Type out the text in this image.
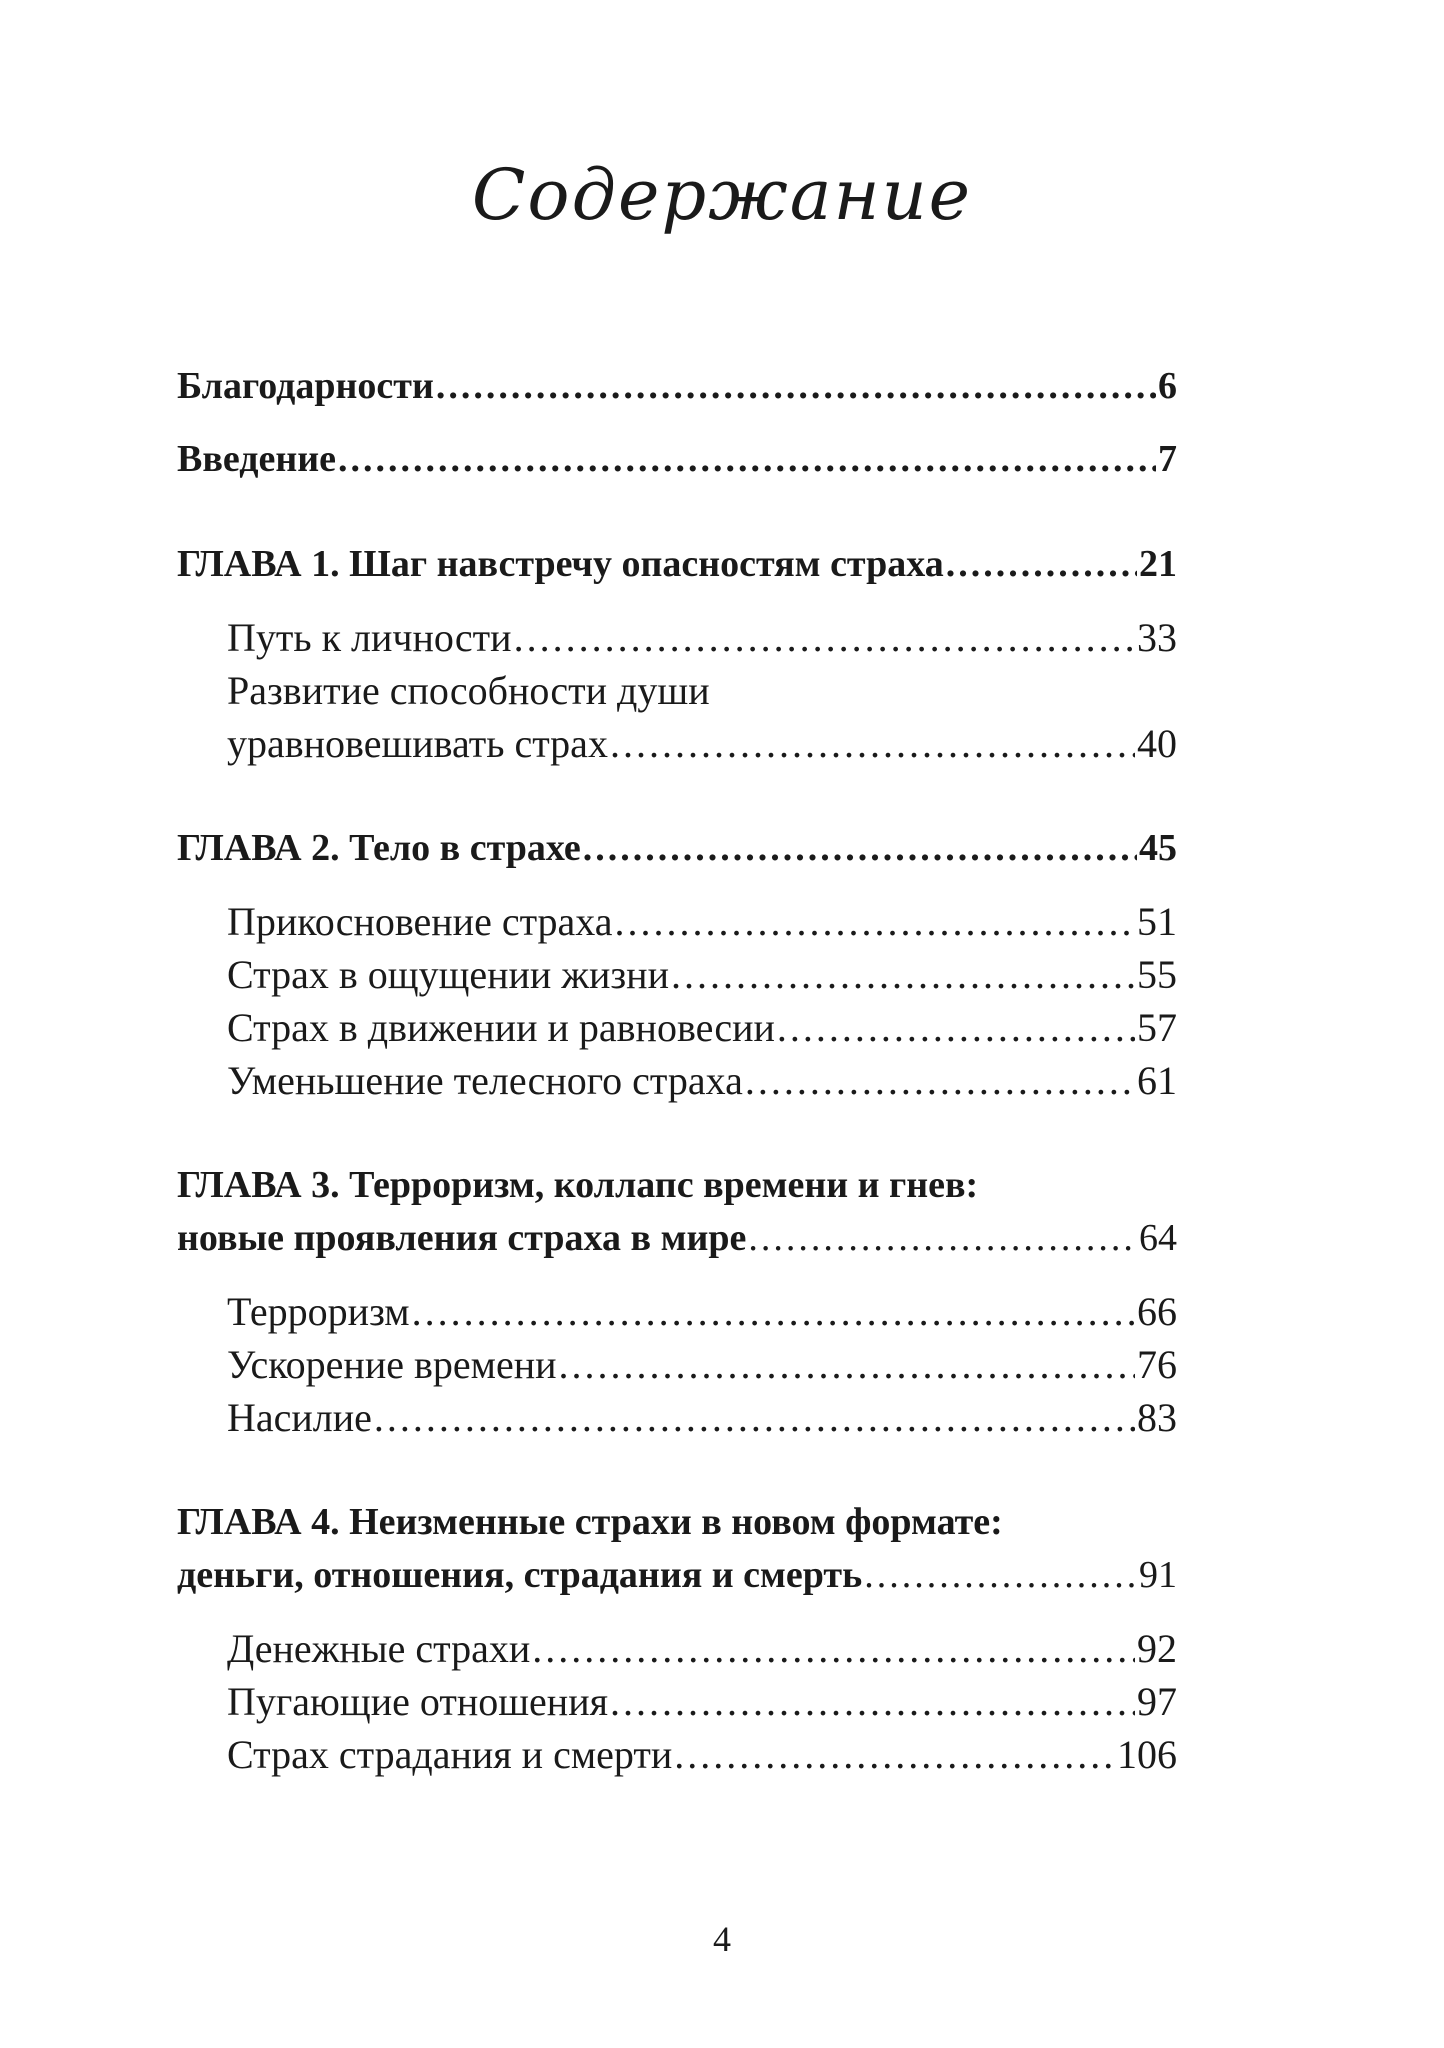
Содержание
Благодарности .....	6
Введение .....	7
ГЛАВА 1. Шаг навстречу опасностям страха .....	21
Путь к личности .....	33
Развитие способности души
уравновешивать страх .....	40
ГЛАВА 2. Тело в страхе .....	45
Прикосновение страха .....	51
Страх в ощущении жизни .....	55
Страх в движении и равновесии .....	57
Уменьшение телесного страха .....	61
ГЛАВА 3. Терроризм, коллапс времени и гнев:
новые проявления страха в мире .....	64
Терроризм .....	66
Ускорение времени .....	76
Насилие .....	83
ГЛАВА 4. Неизменные страхи в новом формате:
деньги, отношения, страдания и смерть .....	91
Денежные страхи .....	92
Пугающие отношения .....	97
Страх страдания и смерти .....	106
4
